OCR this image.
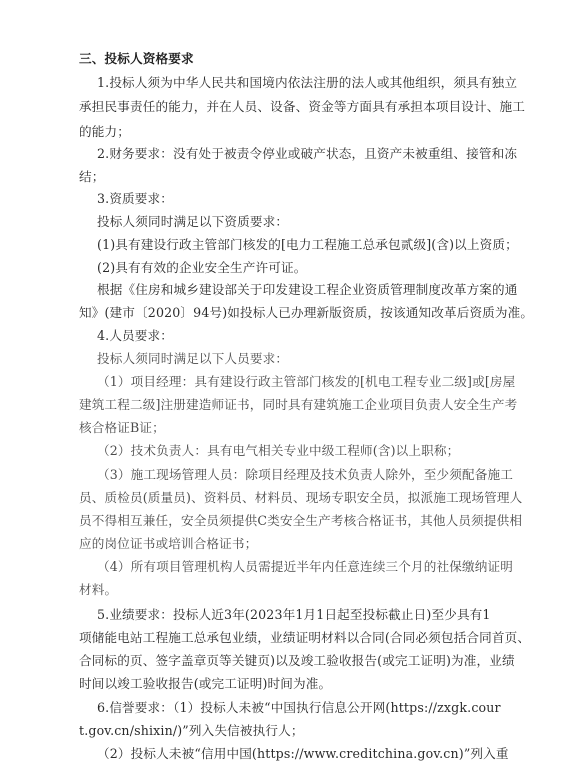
三、投标人资格要求
1.投标人须为中华人民共和国境内依法注册的法人或其他组织，须具有独立
承担民事责任的能力，并在人员、设备、资金等方面具有承担本项目设计、施工
的能力；
2.财务要求：没有处于被责令停业或破产状态，且资产未被重组、接管和冻
结；
3.资质要求：
投标人须同时满足以下资质要求：
(1)具有建设行政主管部门核发的[电力工程施工总承包贰级](含)以上资质；
(2)具有有效的企业安全生产许可证。
根据《住房和城乡建设部关于印发建设工程企业资质管理制度改革方案的通
知》(建市〔2020〕94号)如投标人已办理新版资质，按该通知改革后资质为准。
4.人员要求：
投标人须同时满足以下人员要求：
（1）项目经理：具有建设行政主管部门核发的[机电工程专业二级]或[房屋
建筑工程二级]注册建造师证书，同时具有建筑施工企业项目负责人安全生产考
核合格证B证；
（2）技术负责人：具有电气相关专业中级工程师(含)以上职称；
（3）施工现场管理人员：除项目经理及技术负责人除外，至少须配备施工
员、质检员(质量员)、资料员、材料员、现场专职安全员，拟派施工现场管理人
员不得相互兼任，安全员须提供C类安全生产考核合格证书，其他人员须提供相
应的岗位证书或培训合格证书；
（4）所有项目管理机构人员需提近半年内任意连续三个月的社保缴纳证明
材料。
5.业绩要求：投标人近3年(2023年1月1日起至投标截止日)至少具有1
项储能电站工程施工总承包业绩，业绩证明材料以合同(合同必须包括合同首页、
合同标的页、签字盖章页等关键页)以及竣工验收报告(或完工证明)为准，业绩
时间以竣工验收报告(或完工证明)时间为准。
6.信誉要求：（1）投标人未被“中国执行信息公开网(https://zxgk.cour
t.gov.cn/shixin/)”列入失信被执行人；
（2）投标人未被“信用中国(https://www.creditchina.gov.cn)”列入重
